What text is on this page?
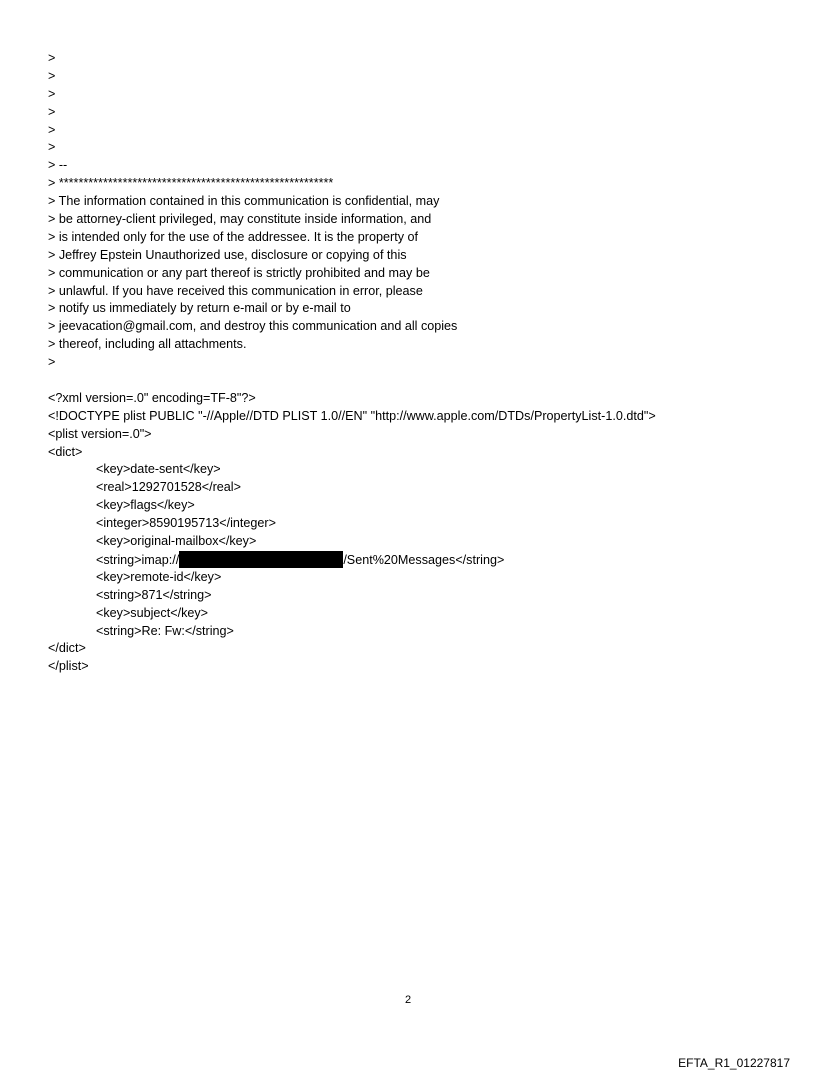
>
>
>
>
>
>
> --
> ********************************************************
> The information contained in this communication is confidential, may
> be attorney-client privileged, may constitute inside information, and
> is intended only for the use of the addressee. It is the property of
> Jeffrey Epstein Unauthorized use, disclosure or copying of this
> communication or any part thereof is strictly prohibited and may be
> unlawful. If you have received this communication in error, please
> notify us immediately by return e-mail or by e-mail to
> jeevacation@gmail.com, and destroy this communication and all copies
> thereof, including all attachments.
>
<?xml version=.0" encoding=TF-8"?>
<!DOCTYPE plist PUBLIC "-//Apple//DTD PLIST 1.0//EN" "http://www.apple.com/DTDs/PropertyList-1.0.dtd">
<plist version=.0">
<dict>
<key>date-sent</key>
<real>1292701528</real>
<key>flags</key>
<integer>8590195713</integer>
<key>original-mailbox</key>
<string>imap://	/Sent%20Messages</string>
<key>remote-id</key>
<string>871</string>
<key>subject</key>
<string>Re: Fw:</string>
</dict>
</plist>
2
EFTA_R1_01227817
